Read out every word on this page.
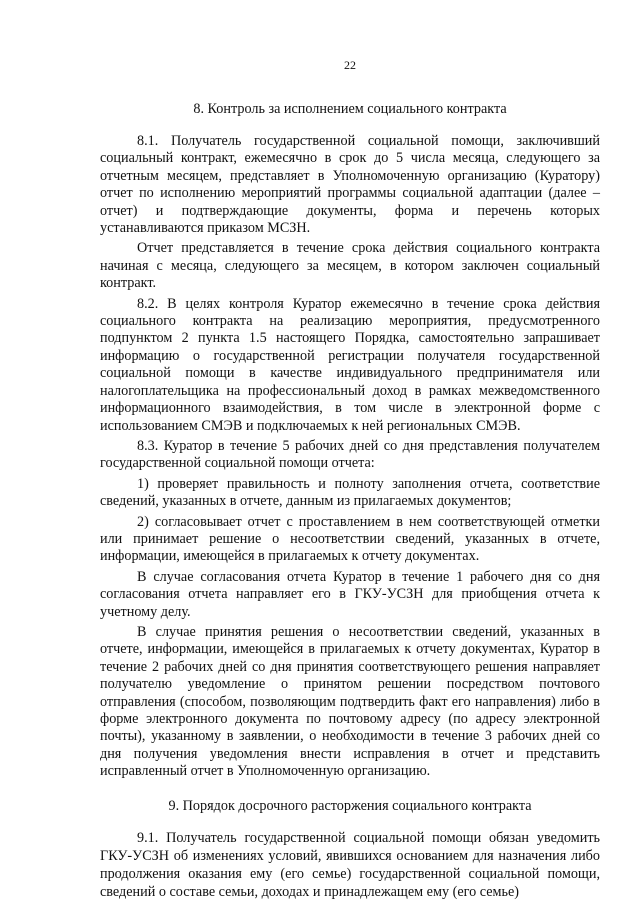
22
8. Контроль за исполнением социального контракта

8.1. Получатель государственной социальной помощи, заключивший социальный контракт, ежемесячно в срок до 5 числа месяца, следующего за отчетным месяцем, представляет в Уполномоченную организацию (Куратору) отчет по исполнению мероприятий программы социальной адаптации (далее – отчет) и подтверждающие документы, форма и перечень которых устанавливаются приказом МСЗН.

Отчет представляется в течение срока действия социального контракта начиная с месяца, следующего за месяцем, в котором заключен социальный контракт.

8.2. В целях контроля Куратор ежемесячно в течение срока действия социального контракта на реализацию мероприятия, предусмотренного подпунктом 2 пункта 1.5 настоящего Порядка, самостоятельно запрашивает информацию о государственной регистрации получателя государственной социальной помощи в качестве индивидуального предпринимателя или налогоплательщика на профессиональный доход в рамках межведомственного информационного взаимодействия, в том числе в электронной форме с использованием СМЭВ и подключаемых к ней региональных СМЭВ.

8.3. Куратор в течение 5 рабочих дней со дня представления получателем государственной социальной помощи отчета:

1) проверяет правильность и полноту заполнения отчета, соответствие сведений, указанных в отчете, данным из прилагаемых документов;

2) согласовывает отчет с проставлением в нем соответствующей отметки или принимает решение о несоответствии сведений, указанных в отчете, информации, имеющейся в прилагаемых к отчету документах.

В случае согласования отчета Куратор в течение 1 рабочего дня со дня согласования отчета направляет его в ГКУ-УСЗН для приобщения отчета к учетному делу.

В случае принятия решения о несоответствии сведений, указанных в отчете, информации, имеющейся в прилагаемых к отчету документах, Куратор в течение 2 рабочих дней со дня принятия соответствующего решения направляет получателю уведомление о принятом решении посредством почтового отправления (способом, позволяющим подтвердить факт его направления) либо в форме электронного документа по почтовому адресу (по адресу электронной почты), указанному в заявлении, о необходимости в течение 3 рабочих дней со дня получения уведомления внести исправления в отчет и представить исправленный отчет в Уполномоченную организацию.

9. Порядок досрочного расторжения социального контракта

9.1. Получатель государственной социальной помощи обязан уведомить ГКУ-УСЗН об изменениях условий, явившихся основанием для назначения либо продолжения оказания ему (его семье) государственной социальной помощи, сведений о составе семьи, доходах и принадлежащем ему (его семье)
